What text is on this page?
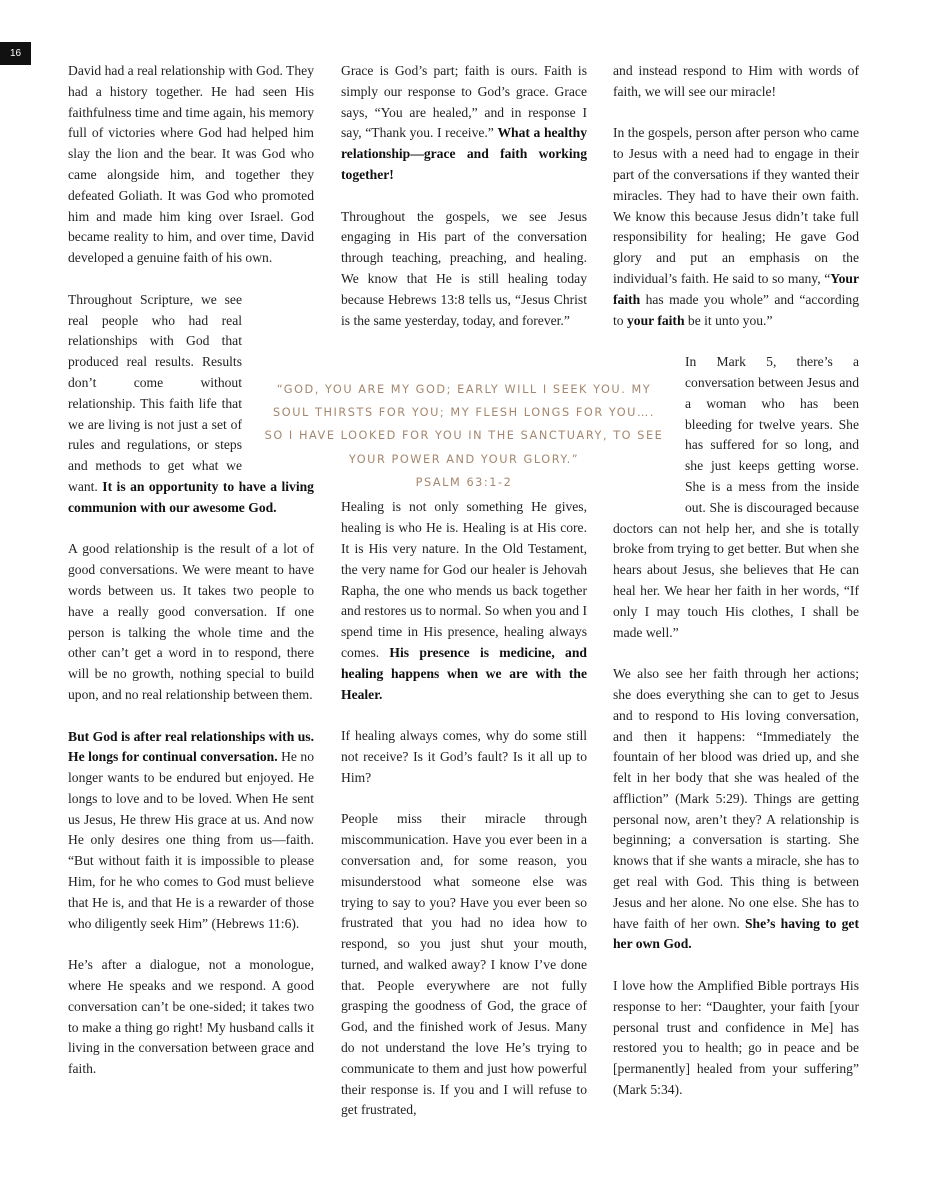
16

David had a real relationship with God. They had a history together. He had seen His faithfulness time and time again, his memory full of victories where God had helped him slay the lion and the bear. It was God who came alongside him, and together they defeated Goliath. It was God who promoted him and made him king over Israel. God became reality to him, and over time, David developed a genuine faith of his own.

Throughout Scripture, we see real people who had real relationships with God that produced real results. Results don’t come without relationship. This faith life that we are living is not just a set of rules and regulations, or steps and methods to get what we want. It is an opportunity to have a living communion with our awesome God.

A good relationship is the result of a lot of good conversations. We were meant to have words between us. It takes two people to have a really good conversation. If one person is talking the whole time and the other can’t get a word in to respond, there will be no growth, nothing special to build upon, and no real relationship between them.

But God is after real relationships with us. He longs for continual conversation. He no longer wants to be endured but enjoyed. He longs to love and to be loved. When He sent us Jesus, He threw His grace at us. And now He only desires one thing from us—faith. “But without faith it is impossible to please Him, for he who comes to God must believe that He is, and that He is a rewarder of those who diligently seek Him” (Hebrews 11:6).

He’s after a dialogue, not a monologue, where He speaks and we respond. A good conversation can’t be one-sided; it takes two to make a thing go right! My husband calls it living in the conversation between grace and faith.

Grace is God’s part; faith is ours. Faith is simply our response to God’s grace. Grace says, “You are healed,” and in response I say, “Thank you. I receive.” What a healthy relationship—grace and faith working together!

Throughout the gospels, we see Jesus engaging in His part of the conversation through teaching, preaching, and healing. We know that He is still healing today because Hebrews 13:8 tells us, “Jesus Christ is the same yesterday, today, and forever.”

Healing is not only something He gives, healing is who He is. Healing is at His core. It is His very nature. In the Old Testament, the very name for God our healer is Jehovah Rapha, the one who mends us back together and restores us to normal. So when you and I spend time in His presence, healing always comes. His presence is medicine, and healing happens when we are with the Healer.

If healing always comes, why do some still not receive? Is it God’s fault? Is it all up to Him?

People miss their miracle through miscommunication. Have you ever been in a conversation and, for some reason, you misunderstood what someone else was trying to say to you? Have you ever been so frustrated that you had no idea how to respond, so you just shut your mouth, turned, and walked away? I know I’ve done that. People everywhere are not fully grasping the goodness of God, the grace of God, and the finished work of Jesus. Many do not understand the love He’s trying to communicate to them and just how powerful their response is. If you and I will refuse to get frustrated,

and instead respond to Him with words of faith, we will see our miracle!

In the gospels, person after person who came to Jesus with a need had to engage in their part of the conversations if they wanted their miracles. They had to have their own faith. We know this because Jesus didn’t take full responsibility for healing; He gave God glory and put an emphasis on the individual’s faith. He said to so many, “Your faith has made you whole” and “according to your faith be it unto you.”

In Mark 5, there’s a conversation between Jesus and a woman who has been bleeding for twelve years. She has suffered for so long, and she just keeps getting worse. She is a mess from the inside out. She is discouraged because doctors can not help her, and she is totally broke from trying to get better. But when she hears about Jesus, she believes that He can heal her. We hear her faith in her words, “If only I may touch His clothes, I shall be made well.”

We also see her faith through her actions; she does everything she can to get to Jesus and to respond to His loving conversation, and then it happens: “Immediately the fountain of her blood was dried up, and she felt in her body that she was healed of the affliction” (Mark 5:29). Things are getting personal now, aren’t they? A relationship is beginning; a conversation is starting. She knows that if she wants a miracle, she has to get real with God. This thing is between Jesus and her alone. No one else. She has to have faith of her own. She’s having to get her own God.

I love how the Amplified Bible portrays His response to her: “Daughter, your faith [your personal trust and confidence in Me] has restored you to health; go in peace and be [permanently] healed from your suffering” (Mark 5:34).

“GOD, YOU ARE MY GOD; EARLY WILL I SEEK YOU. MY SOUL THIRSTS FOR YOU; MY FLESH LONGS FOR YOU…. SO I HAVE LOOKED FOR YOU IN THE SANCTUARY, TO SEE YOUR POWER AND YOUR GLORY.”
PSALM 63:1-2
